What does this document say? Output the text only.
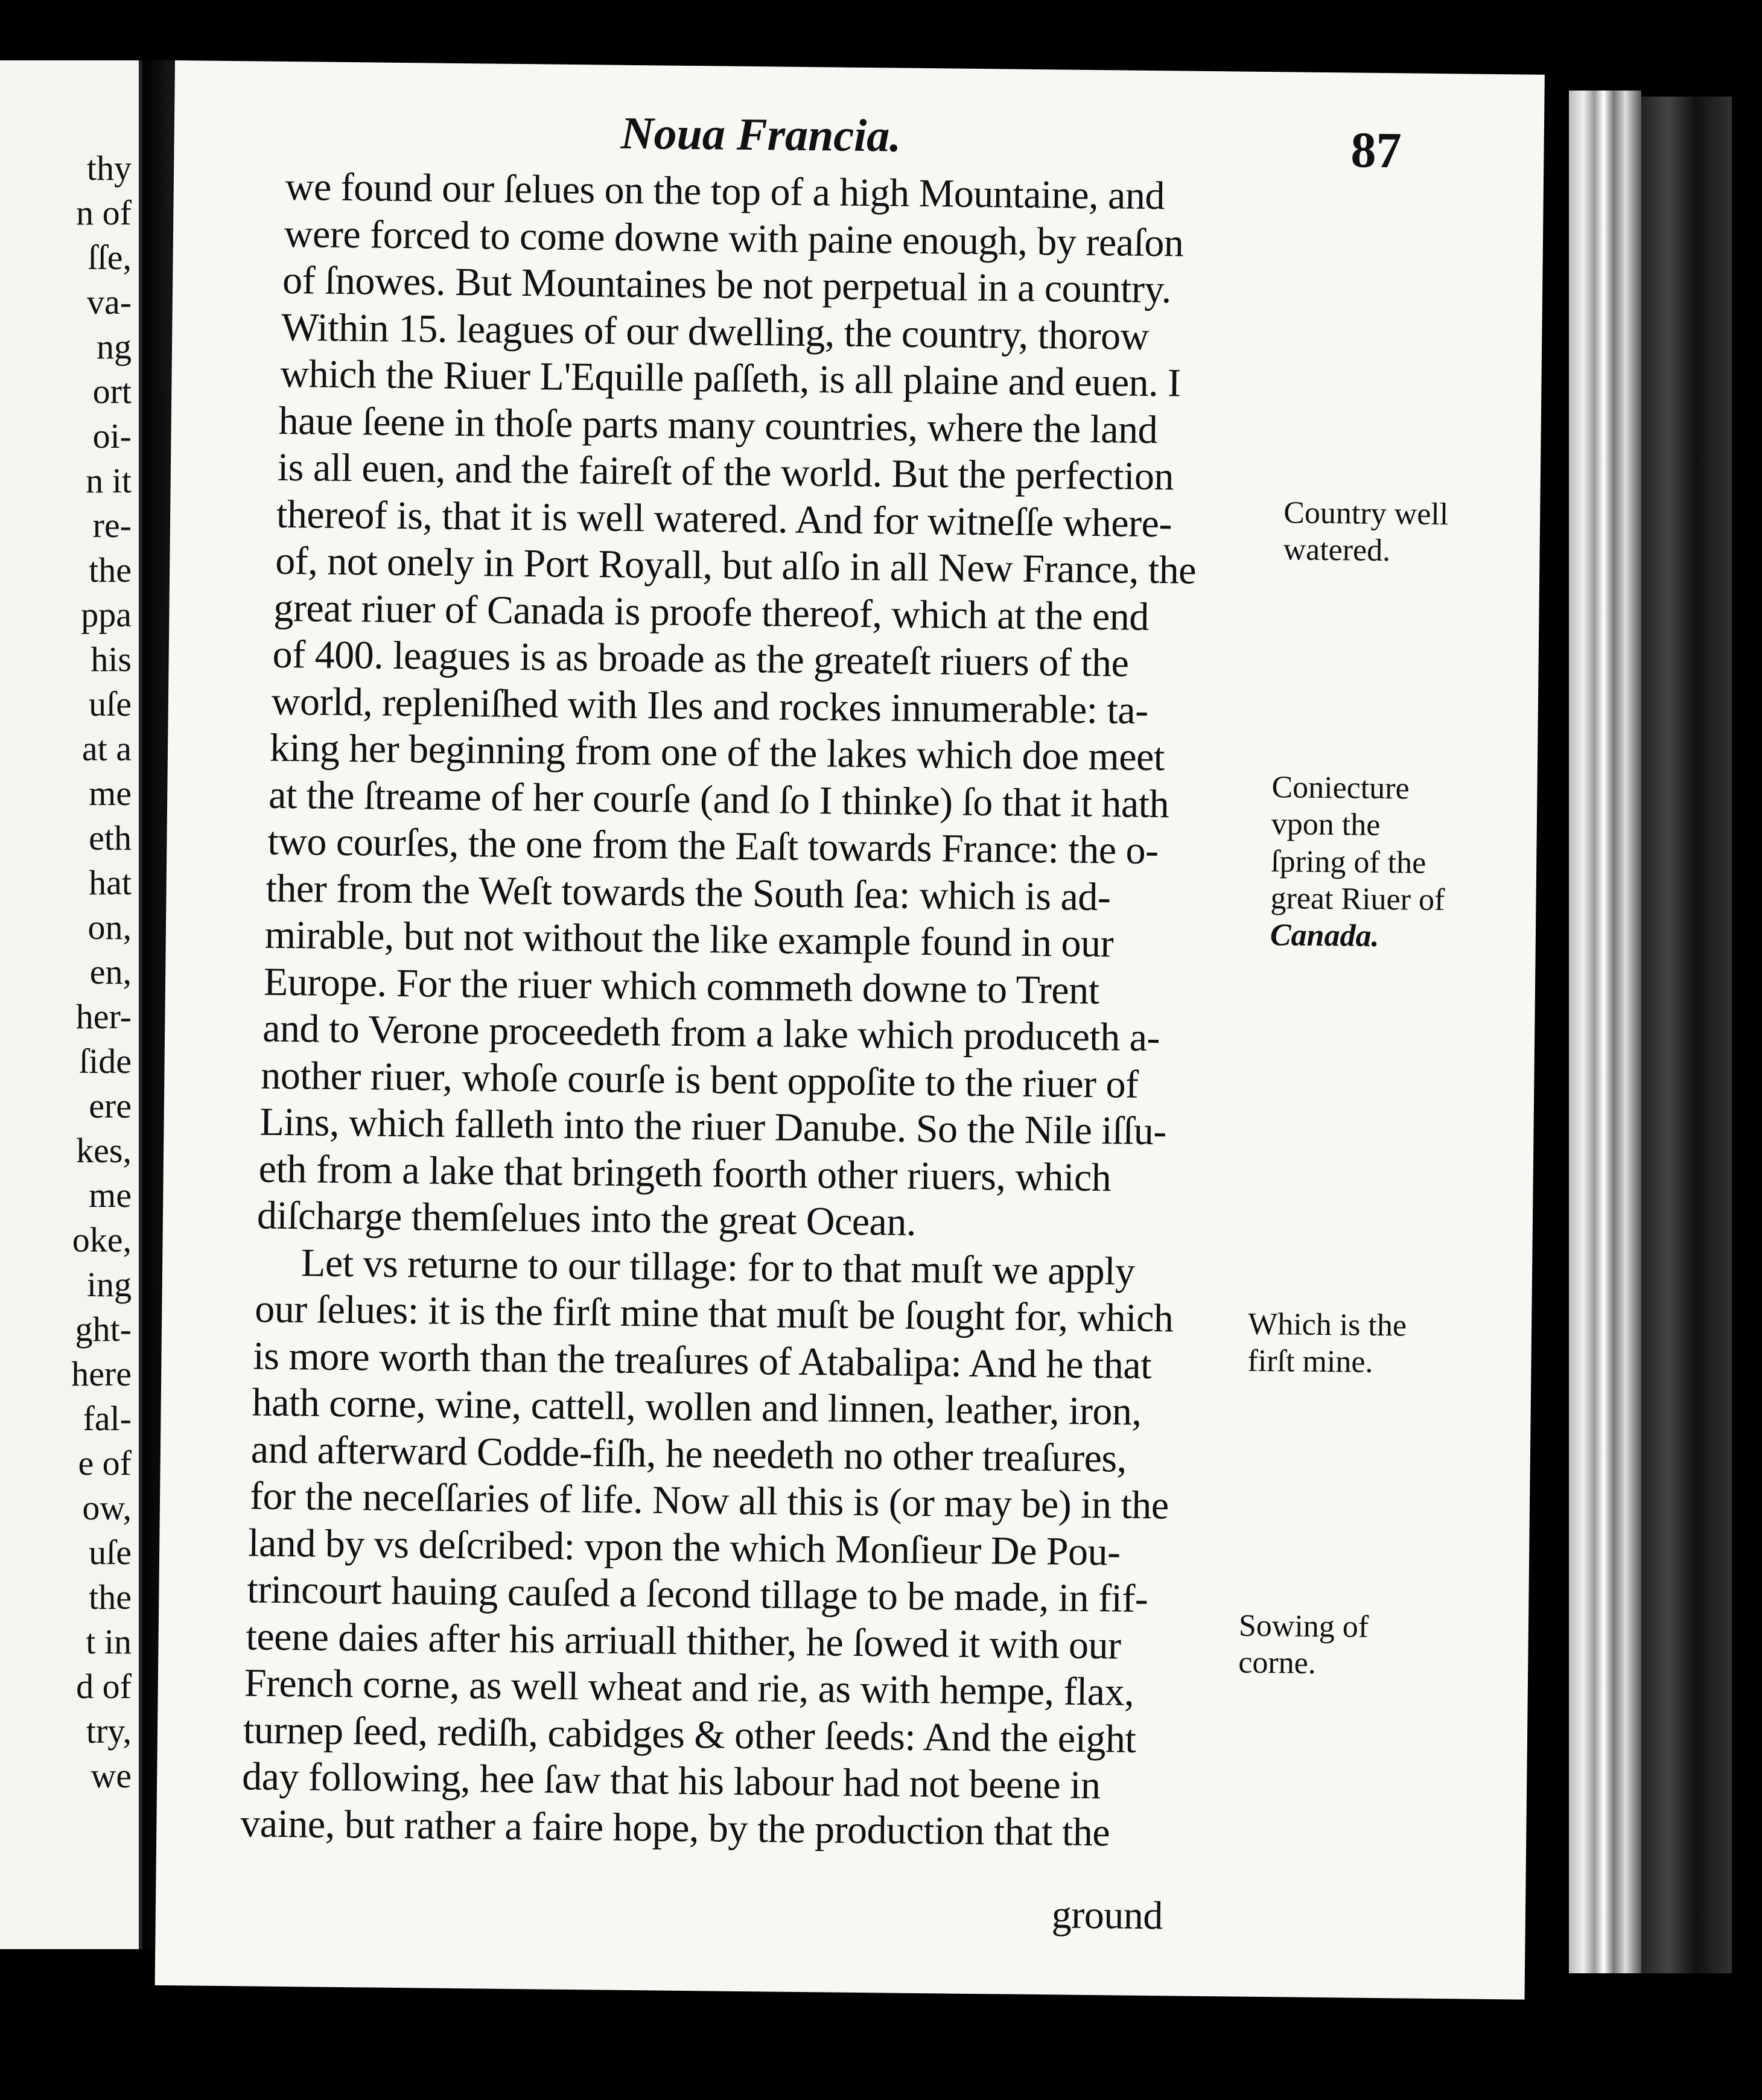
thy
n of
ſſe,
va-
ng
ort
oi-
n it
re-
the
ppa
his
uſe
at a
me
eth
hat
on,
en,
her-
ſide
ere
kes,
me
oke,
ing
ght-
here
fal-
e of
ow,
uſe
the
t in
d of
try,
we
Noua Francia.	87
we found our ſelues on the top of a high Mountaine, and
were forced to come downe with paine enough, by reaſon
of ſnowes. But Mountaines be not perpetual in a country.
Within 15. leagues of our dwelling, the country, thorow
which the Riuer L'Equille paſſeth, is all plaine and euen. I
haue ſeene in thoſe parts many countries, where the land
is all euen, and the faireſt of the world. But the perfection
thereof is, that it is well watered. And for witneſſe where-
of, not onely in Port Royall, but alſo in all New France, the
great riuer of Canada is proofe thereof, which at the end
of 400. leagues is as broade as the greateſt riuers of the
world, repleniſhed with Iles and rockes innumerable: ta-
king her beginning from one of the lakes which doe meet
at the ſtreame of her courſe (and ſo I thinke) ſo that it hath
two courſes, the one from the Eaſt towards France: the o-
ther from the Weſt towards the South ſea: which is ad-
mirable, but not without the like example found in our
Europe. For the riuer which commeth downe to Trent
and to Verone proceedeth from a lake which produceth a-
nother riuer, whoſe courſe is bent oppoſite to the riuer of
Lins, which falleth into the riuer Danube. So the Nile iſſu-
eth from a lake that bringeth foorth other riuers, which
diſcharge themſelues into the great Ocean.
Let vs returne to our tillage: for to that muſt we apply
our ſelues: it is the firſt mine that muſt be ſought for, which
is more worth than the treaſures of Atabalipa: And he that
hath corne, wine, cattell, wollen and linnen, leather, iron,
and afterward Codde-fiſh, he needeth no other treaſures,
for the neceſſaries of life. Now all this is (or may be) in the
land by vs deſcribed: vpon the which Monſieur De Pou-
trincourt hauing cauſed a ſecond tillage to be made, in fif-
teene daies after his arriuall thither, he ſowed it with our
French corne, as well wheat and rie, as with hempe, flax,
turnep ſeed, rediſh, cabidges & other ſeeds: And the eight
day following, hee ſaw that his labour had not beene in
vaine, but rather a faire hope, by the production that the
ground
Country well
watered.
Coniecture
vpon the
ſpring of the
great Riuer of
Canada.
Which is the
firſt mine.
Sowing of
corne.
